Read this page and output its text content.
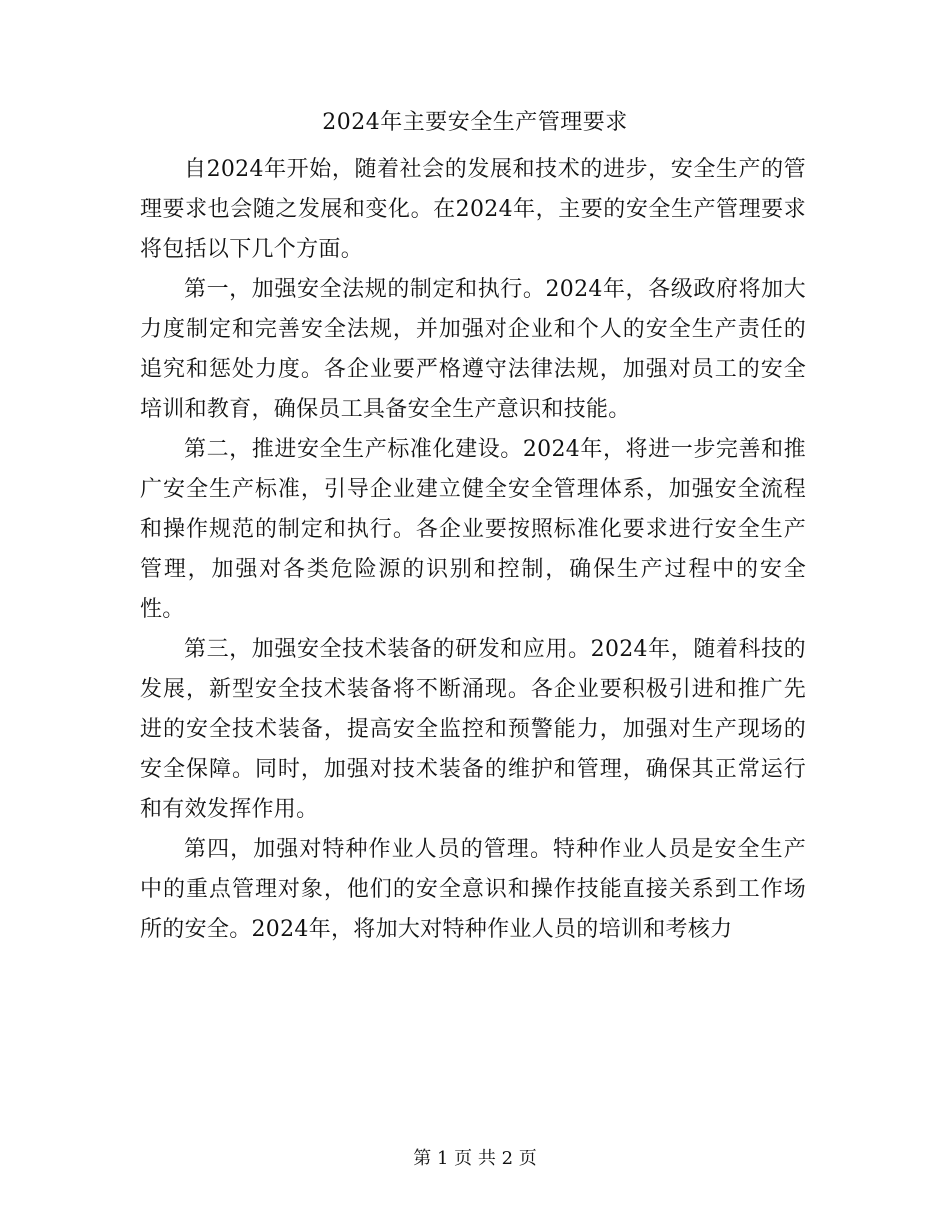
2024年主要安全生产管理要求

自2024年开始，随着社会的发展和技术的进步，安全生产的管理要求也会随之发展和变化。在2024年，主要的安全生产管理要求将包括以下几个方面。

第一，加强安全法规的制定和执行。2024年，各级政府将加大力度制定和完善安全法规，并加强对企业和个人的安全生产责任的追究和惩处力度。各企业要严格遵守法律法规，加强对员工的安全培训和教育，确保员工具备安全生产意识和技能。

第二，推进安全生产标准化建设。2024年，将进一步完善和推广安全生产标准，引导企业建立健全安全管理体系，加强安全流程和操作规范的制定和执行。各企业要按照标准化要求进行安全生产管理，加强对各类危险源的识别和控制，确保生产过程中的安全性。

第三，加强安全技术装备的研发和应用。2024年，随着科技的发展，新型安全技术装备将不断涌现。各企业要积极引进和推广先进的安全技术装备，提高安全监控和预警能力，加强对生产现场的安全保障。同时，加强对技术装备的维护和管理，确保其正常运行和有效发挥作用。

第四，加强对特种作业人员的管理。特种作业人员是安全生产中的重点管理对象，他们的安全意识和操作技能直接关系到工作场所的安全。2024年，将加大对特种作业人员的培训和考核力

第 1 页 共 2 页
